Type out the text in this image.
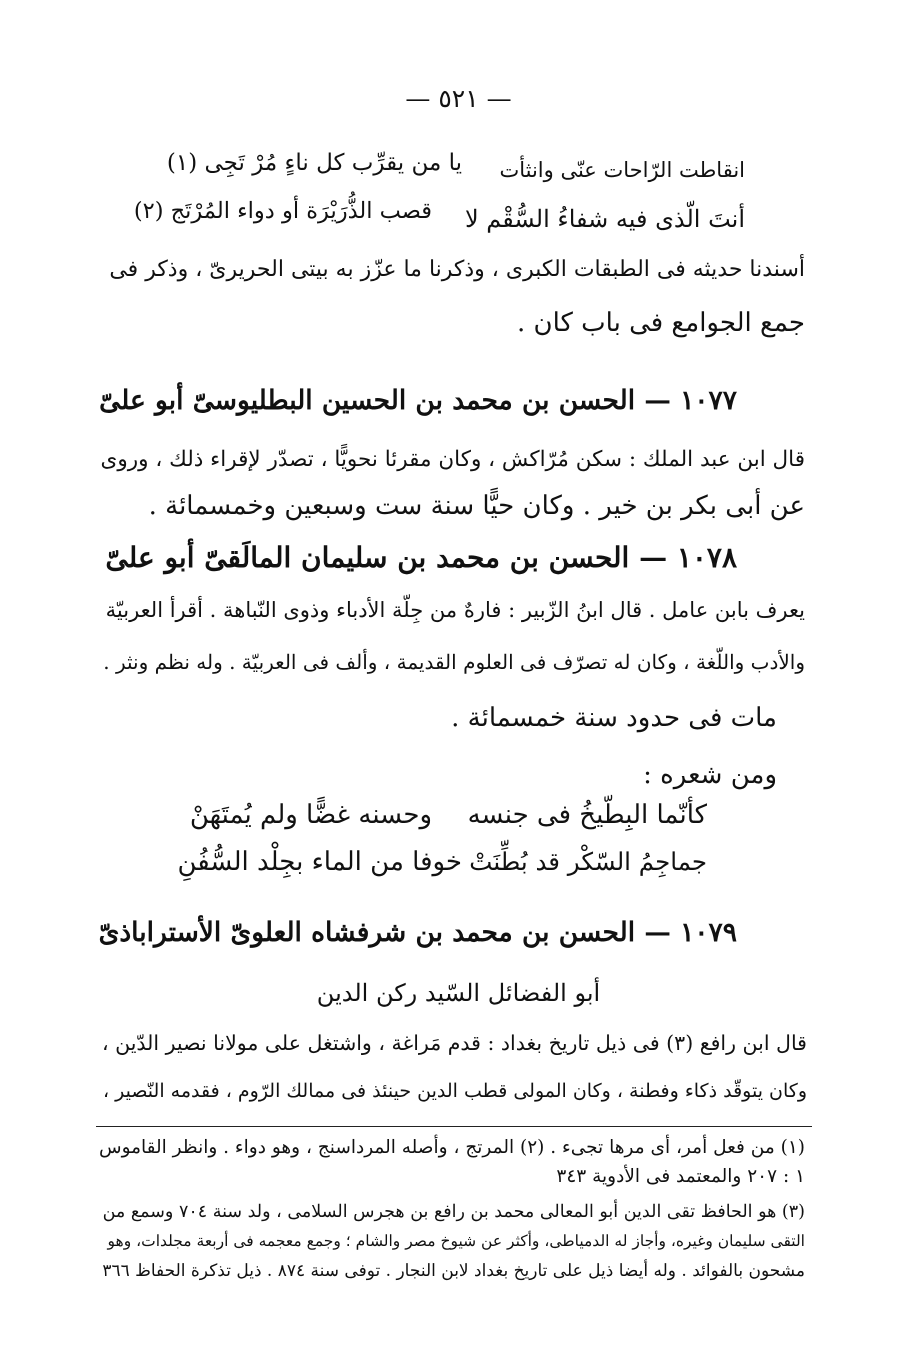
— ٥٢١ —
انقاطت الرّاحات عنّى وانثأت
يا من يقرِّب كل ناءٍ مُرْ تَجِى (١)
أنتَ الّذى فيه شفاءُ السُّقْم لا
قصب الذُّرَيْرَة أو دواء المُرْتَج (٢)
أسندنا حديثه فى الطبقات الكبرى ، وذكرنا ما عزّز به بيتى الحريرىّ ، وذكر فى
جمع الجوامع فى باب كان .
١٠٧٧ — الحسن بن محمد بن الحسين البطليوسىّ أبو علىّ
قال ابن عبد الملك : سكن مُرّاكش ، وكان مقرئا نحويًّا ، تصدّر لإقراء ذلك ، وروى
عن أبى بكر بن خير . وكان حيًّا سنة ست وسبعين وخمسمائة .
١٠٧٨ — الحسن بن محمد بن سليمان المالَقىّ أبو علىّ
يعرف بابن عامل . قال ابنُ الزّبير : فارهٌ من جِلّة الأدباء وذوى النّباهة . أقرأ العربيّة
والأدب واللّغة ، وكان له تصرّف فى العلوم القديمة ، وألف فى العربيّة . وله نظم ونثر .
مات فى حدود سنة خمسمائة .
ومن شعره :
كأنّما البِطّيخُ فى جنسه
وحسنه غضًّا ولم يُمتَهَنْ
جماجِمُ السّكْر قد بُطِّنَتْ
خوفا من الماء بجِلْد السُّفُنِ
١٠٧٩ — الحسن بن محمد بن شرفشاه العلوىّ الأستراباذىّ
أبو الفضائل السّيد ركن الدين
قال ابن رافع (٣) فى ذيل تاريخ بغداد : قدم مَراغة ، واشتغل على مولانا نصير الدّين ،
وكان يتوقّد ذكاء وفطنة ، وكان المولى قطب الدين حينئذ فى ممالك الرّوم ، فقدمه النّصير ،
(١) من فعل أمر، أى مرها تجىء . (٢) المرتج ، وأصله المرداسنج ، وهو دواء . وانظر القاموس
١ : ٢٠٧ والمعتمد فى الأدوية ٣٤٣
(٣) هو الحافظ تقى الدين أبو المعالى محمد بن رافع بن هجرس السلامى ، ولد سنة ٧٠٤ وسمع من
التقى سليمان وغيره، وأجاز له الدمياطى، وأكثر عن شيوخ مصر والشام ؛ وجمع معجمه فى أربعة مجلدات، وهو
مشحون بالفوائد . وله أيضا ذيل على تاريخ بغداد لابن النجار . توفى سنة ٨٧٤ . ذيل تذكرة الحفاظ ٣٦٦
